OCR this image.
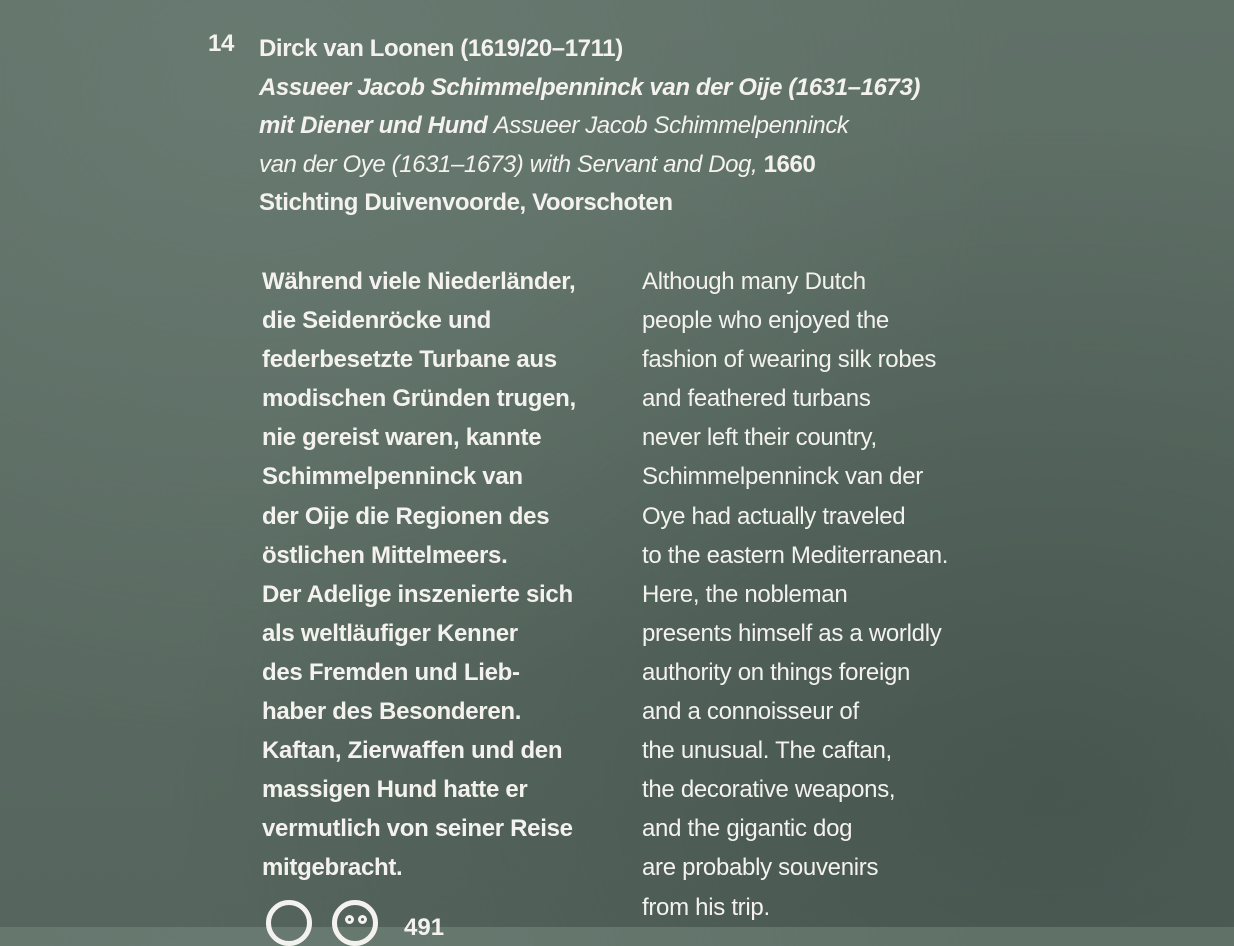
14 Dirck van Loonen (1619/20–1711)
Assueer Jacob Schimmelpenninck van der Oije (1631–1673)
mit Diener und Hund Assueer Jacob Schimmelpenninck
van der Oye (1631–1673) with Servant and Dog, 1660
Stichting Duivenvoorde, Voorschoten
Während viele Niederländer,
die Seidenröcke und
federbesetzte Turbane aus
modischen Gründen trugen,
nie gereist waren, kannte
Schimmelpenninck van
der Oije die Regionen des
östlichen Mittelmeers.
Der Adelige inszenierte sich
als weltläufiger Kenner
des Fremden und Lieb-
haber des Besonderen.
Kaftan, Zierwaffen und den
massigen Hund hatte er
vermutlich von seiner Reise
mitgebracht.
Although many Dutch
people who enjoyed the
fashion of wearing silk robes
and feathered turbans
never left their country,
Schimmelpenninck van der
Oye had actually traveled
to the eastern Mediterranean.
Here, the nobleman
presents himself as a worldly
authority on things foreign
and a connoisseur of
the unusual. The caftan,
the decorative weapons,
and the gigantic dog
are probably souvenirs
from his trip.
491
